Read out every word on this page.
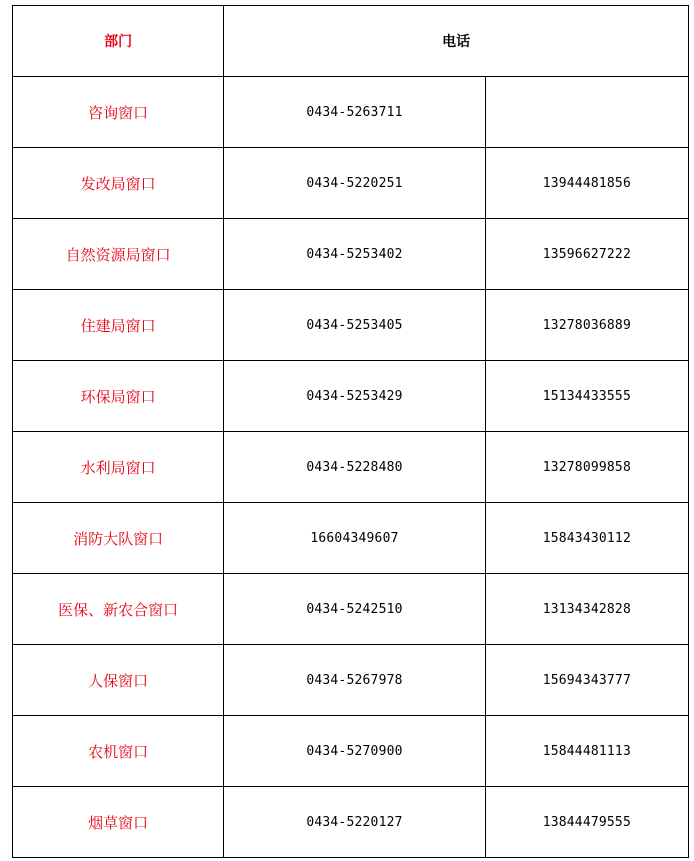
部门	电话	
咨询窗口	0434-5263711	
发改局窗口	0434-5220251	13944481856
自然资源局窗口	0434-5253402	13596627222
住建局窗口	0434-5253405	13278036889
环保局窗口	0434-5253429	15134433555
水利局窗口	0434-5228480	13278099858
消防大队窗口	16604349607	15843430112
医保、新农合窗口	0434-5242510	13134342828
人保窗口	0434-5267978	15694343777
农机窗口	0434-5270900	15844481113
烟草窗口	0434-5220127	13844479555
